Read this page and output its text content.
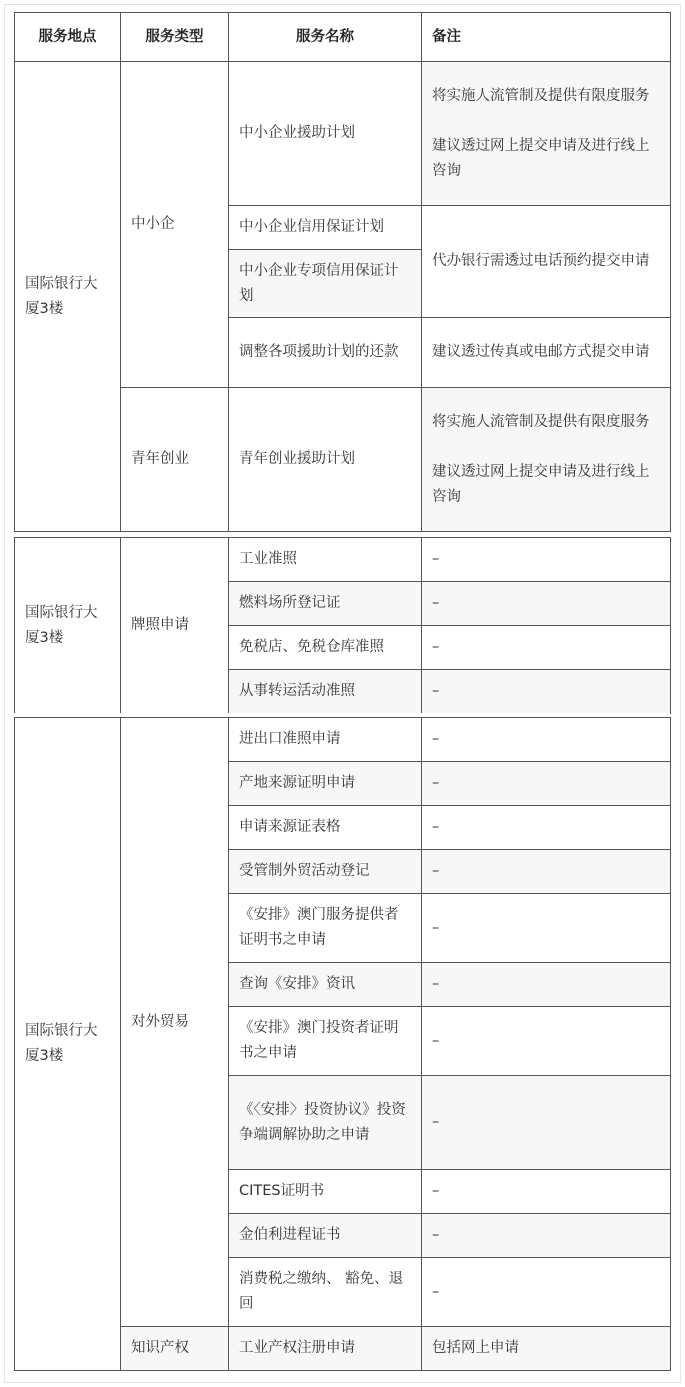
服务地点	服务类型	服务名称	备注
国际银行大厦3楼	中小企	中小企业援助计划	将实施人流管制及提供有限度服务
建议透过网上提交申请及进行线上咨询

		中小企业信用保证计划	代办银行需透过电话预约提交申请
		中小企业专项信用保证计划	
		调整各项援助计划的还款	建议透过传真或电邮方式提交申请
	青年创业	青年创业援助计划	将实施人流管制及提供有限度服务
建议透过网上提交申请及进行线上咨询
国际银行大厦3楼	牌照申请	工业准照	–
		燃料场所登记证	–
		免税店、免税仓库准照	–
		从事转运活动准照	–
国际银行大厦3楼	对外贸易	进出口准照申请	–
		产地来源证明申请	–
		申请来源证表格	–
		受管制外贸活动登记	–
		《安排》澳门服务提供者证明书之申请	–
		查询《安排》资讯	–
		《安排》澳门投资者证明书之申请	–
		《〈安排〉投资协议》投资争端调解协助之申请	–
		CITES证明书	–
		金伯利进程证书	–
		消费税之缴纳、 豁免、退回	–
	知识产权	工业产权注册申请	包括网上申请
